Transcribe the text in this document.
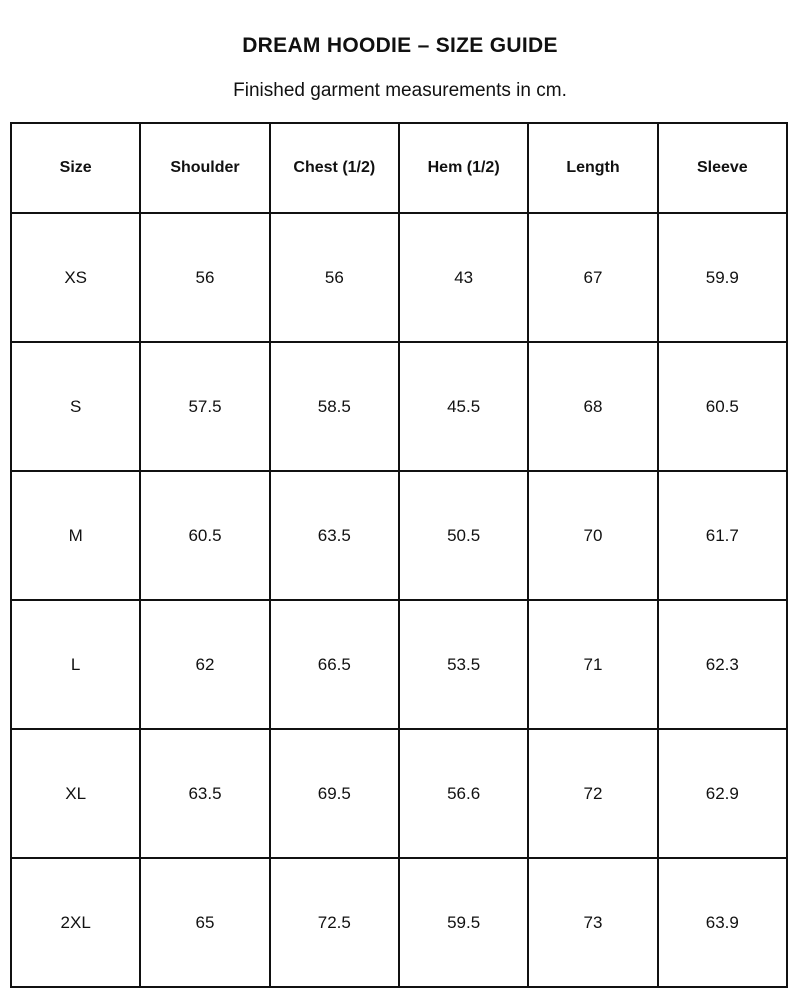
DREAM HOODIE – SIZE GUIDE
Finished garment measurements in cm.
Size	Shoulder	Chest (1/2)	Hem (1/2)	Length	Sleeve
XS	56	56	43	67	59.9
S	57.5	58.5	45.5	68	60.5
M	60.5	63.5	50.5	70	61.7
L	62	66.5	53.5	71	62.3
XL	63.5	69.5	56.6	72	62.9
2XL	65	72.5	59.5	73	63.9
